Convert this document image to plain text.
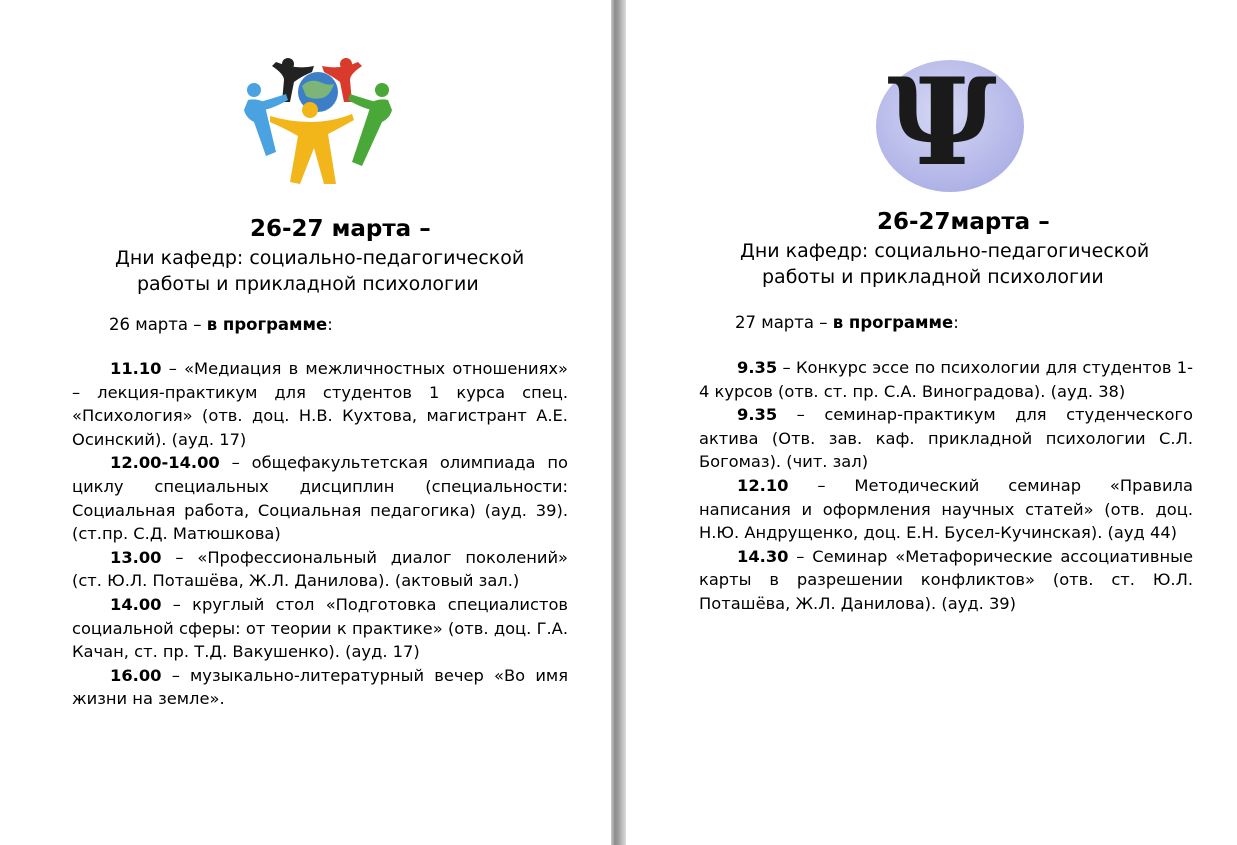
26-27 марта –
Дни кафедр: социально-педагогической
работы и прикладной психологии
26 марта – в программе:

11.10 – «Медиация в межличностных отношениях» – лекция-практикум для студентов 1 курса спец. «Психология» (отв. доц. Н.В. Кухтова, магистрант А.Е. Осинский). (ауд. 17)

12.00-14.00 – общефакультетская олимпиада по циклу специальных дисциплин (специальности: Социальная работа, Социальная педагогика) (ауд. 39). (ст.пр. С.Д. Матюшкова)

13.00 – «Профессиональный диалог поколений» (ст. Ю.Л. Поташёва, Ж.Л. Данилова). (актовый зал.)

14.00 – круглый стол «Подготовка специалистов социальной сферы: от теории к практике» (отв. доц. Г.А. Качан, ст. пр. Т.Д. Вакушенко). (ауд. 17)

16.00 – музыкально-литературный вечер «Во имя жизни на земле».

Ψ
26-27марта –
Дни кафедр: социально-педагогической
работы и прикладной психологии
27 марта – в программе:

9.35 – Конкурс эссе по психологии для студентов 1-4 курсов (отв. ст. пр. С.А. Виноградова). (ауд. 38)

9.35 – семинар-практикум для студенческого актива (Отв. зав. каф. прикладной психологии С.Л. Богомаз). (чит. зал)

12.10 – Методический семинар «Правила написания и оформления научных статей» (отв. доц. Н.Ю. Андрущенко, доц. Е.Н. Бусел-Кучинская). (ауд 44)

14.30 – Семинар «Метафорические ассоциативные карты в разрешении конфликтов» (отв. ст. Ю.Л. Поташёва, Ж.Л. Данилова). (ауд. 39)
